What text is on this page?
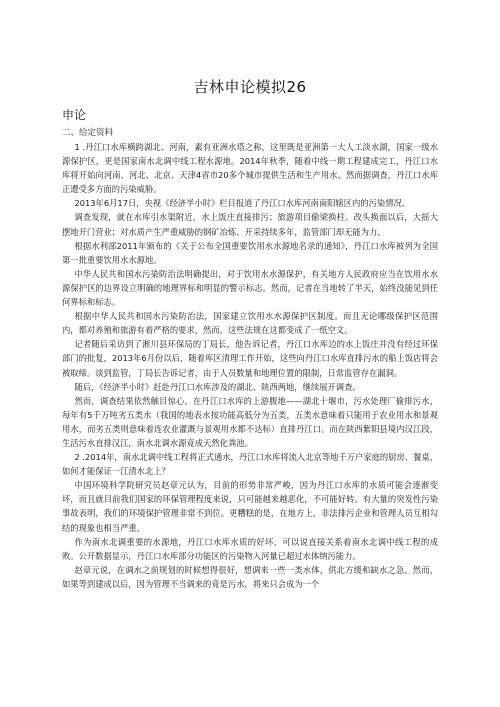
吉林申论模拟26
申论
二、给定资料

1 .丹江口水库横跨湖北、河南，素有亚洲水塔之称，这里既是亚洲第一大人工淡水湖，国家一级水源保护区，更是国家南水北调中线工程水源地。2014年秋季，随着中线一期工程建成完工，丹江口水库将开始向河南、河北、北京、天津4省市20多个城市提供生活和生产用水。然而据调查，丹江口水库正遭受多方面的污染威胁。

2013年6月17日，央视《经济半小时》栏目报道了丹江口水库河南南阳辖区内的污染情况。

调查发现，就在水库引水渠附近，水上饭庄直接排污；旅游项目偷梁换柱、改头换面以后，大摇大摆地开门营业；对水质产生严重威胁的钢矿冶炼、开采持续多年，监管部门却无能为力。

根据水利部2011年颁布的《关于公布全国重要饮用水水源地名录的通知》，丹江口水库被列为全国第一批重要饮用水水源地。

中华人民共和国水污染防治法明确提出，对于饮用水水源保护，有关地方人民政府应当在饮用水水源保护区的边界设立明确的地理界标和明显的警示标志。然而，记者在当地转了半天，始终没能见到任何界标和标志。

根据中华人民共和国水污染防治法，国家建立饮用水水源保护区制度。而且无论哪级保护区范围内，都对养殖和旅游有着严格的要求，然而，这些法规在这都变成了一纸空文。

记者随后采访到了淅川县环保局的丁局长，他告诉记者，丹江口水库边的水上饭庄并没有经过环保部门的批复，2013年6月份以后，随着库区清理工作开始，这些向丹江口水库直排污水的船上饭店将会被取缔。谈到监管，丁局长告诉记者，由于人员数量和地理位置的限制，日常监管存在漏洞。

随后，《经济半小时》赶赴丹江口水库涉及的湖北、陕西两地，继续展开调查。

然而，调查结果依然触目惊心。在丹江口水库的上游腹地——湖北十堰市，污水处理厂偷排污水，每年有5千万吨劣五类水（我国的地表水按功能高低分为五类，五类水意味着只能用于农业用水和景观用水，而劣五类则意味着连农业灌溉与景观用水都不达标）直排丹江口。而在陕西紫阳县境内汉江段，生活污水直排汉江，南水北调水源竟成天然化粪池。

2 .2014年，南水北调中线工程将正式通水，丹江口水库将流入北京等地千万户家庭的厨房、餐桌，如何才能保证一江清水北上？

中国环境科学院研究员赵章元认为，目前的形势非常严峻，因为丹江口水库的水质可能会逐渐变坏，而且就目前我们国家的环保管理程度来说，只可能越来越恶化，不可能好转。有大量的突发性污染事故表明，我们的环境保护管理非常不到位。更糟糕的是，在地方上，非法排污企业和管理人员互相勾结的现象也相当严重。

作为南水北调重要的水源地，丹江口水库水质的好坏，可以说直接关系着南水北调中线工程的成败。公开数据显示，丹江口水库部分功能区的污染物入河量已超过水体纳污能力。

赵章元说，在调水之前规划的时候想得很好，想调来一些一类水体，供北方缓和缺水之急。然而，如果等到建成以后，因为管理不当调来的竟是污水，将来只会成为一个
